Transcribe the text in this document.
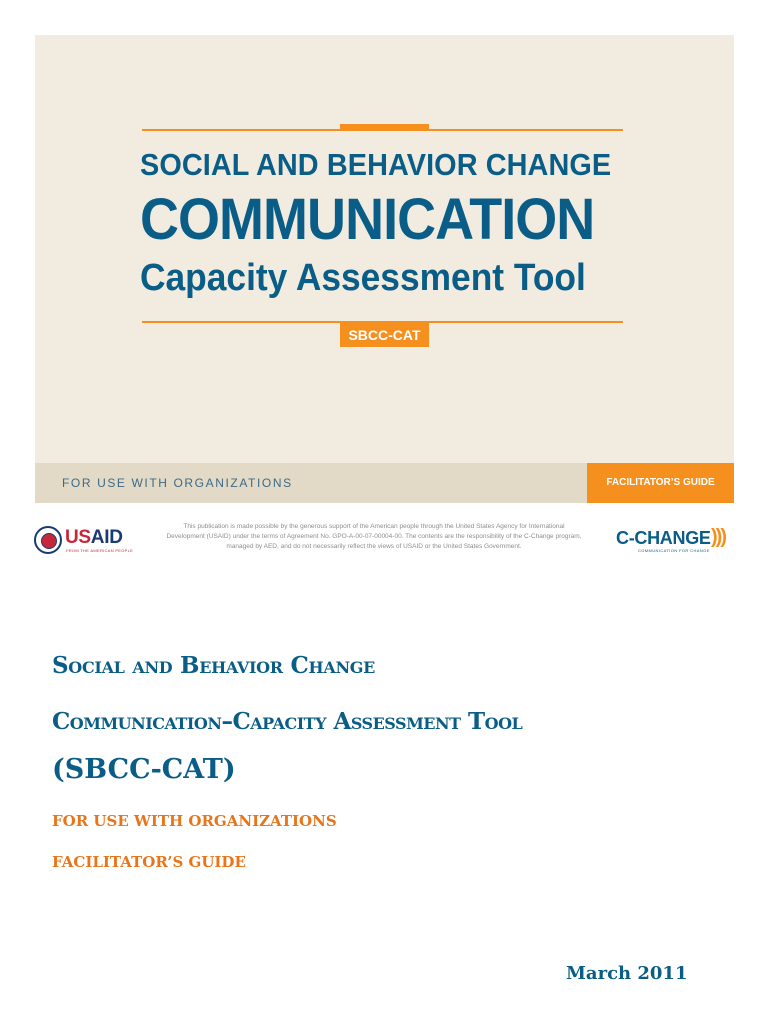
SOCIAL AND BEHAVIOR CHANGE
COMMUNICATION
Capacity Assessment Tool
SBCC-CAT
FOR USE WITH ORGANIZATIONS	FACILITATOR’S GUIDE
USAID
FROM THE AMERICAN PEOPLE
This publication is made possible by the generous support of the American people through the United States Agency for International Development (USAID) under the terms of Agreement No. GPO-A-00-07-00004-00. The contents are the responsibility of the C-Change program, managed by AED, and do not necessarily reflect the views of USAID or the United States Government.	C-CHANGE )))
COMMUNICATION FOR CHANGE
Social and Behavior Change
Communication–Capacity Assessment Tool
(SBCC-CAT)
FOR USE WITH ORGANIZATIONS
FACILITATOR’S GUIDE
March 2011
